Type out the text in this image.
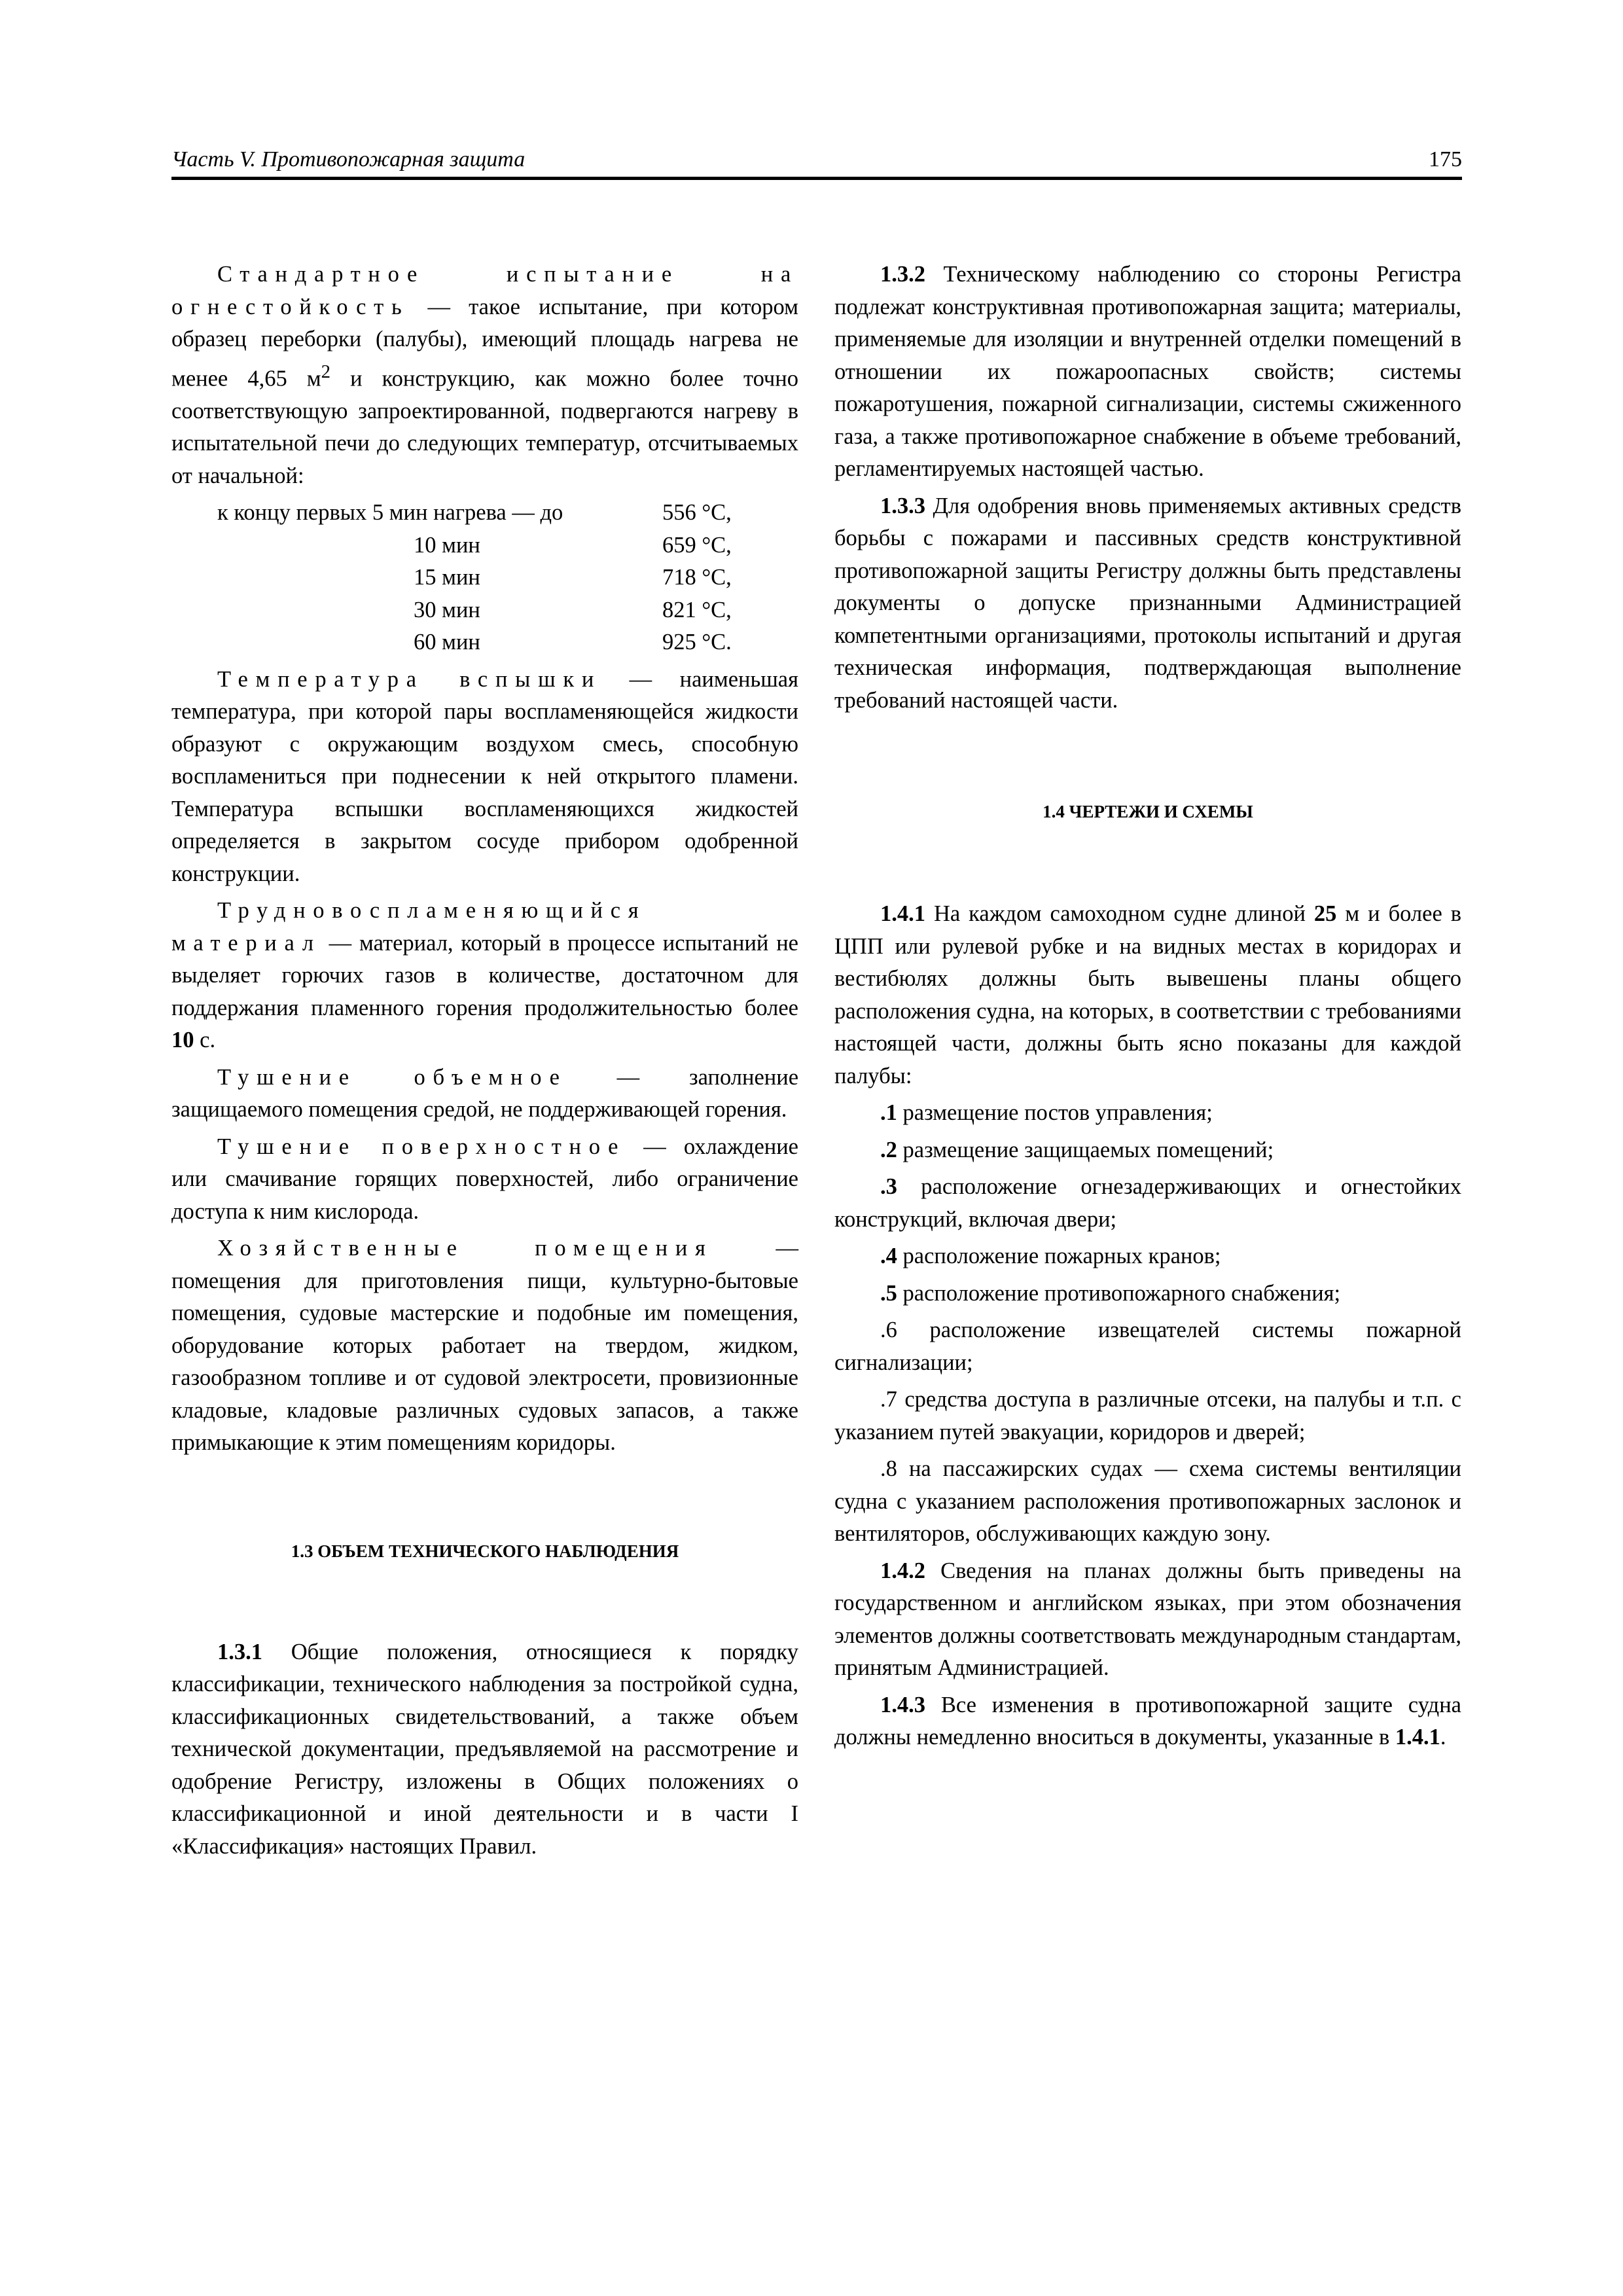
Часть V. Противопожарная защита	175

Стандартное испытание на огнестойкость — такое испытание, при котором образец переборки (палубы), имеющий площадь нагрева не менее 4,65 $м^2$ и конструкцию, как можно более точно соответствующую запроектированной, подвергаются нагреву в испытательной печи до следующих температур, отсчитываемых от начальной:

к концу первых 5 мин нагрева — до	556 °С,
10 мин	659 °С,
15 мин	718 °С,
30 мин	821 °С,
60 мин	925 °С.

Температура вспышки — наименьшая температура, при которой пары воспламеняющейся жидкости образуют с окружающим воздухом смесь, способную воспламениться при поднесении к ней открытого пламени. Температура вспышки воспламеняющихся жидкостей определяется в закрытом сосуде прибором одобренной конструкции.

Трудновоспламеняющийся материал — материал, который в процессе испытаний не выделяет горючих газов в количестве, достаточном для поддержания пламенного горения продолжительностью более 10 с.

Тушение объемное — заполнение защищаемого помещения средой, не поддерживающей горения.

Тушение поверхностное — охлаждение или смачивание горящих поверхностей, либо ограничение доступа к ним кислорода.

Хозяйственные помещения — помещения для приготовления пищи, культурно-бытовые помещения, судовые мастерские и подобные им помещения, оборудование которых работает на твердом, жидком, газообразном топливе и от судовой электросети, провизионные кладовые, кладовые различных судовых запасов, а также примыкающие к этим помещениям коридоры.

1.3 ОБЪЕМ ТЕХНИЧЕСКОГО НАБЛЮДЕНИЯ

1.3.1 Общие положения, относящиеся к порядку классификации, технического наблюдения за постройкой судна, классификационных свидетельствований, а также объем технической документации, предъявляемой на рассмотрение и одобрение Регистру, изложены в Общих положениях о классификационной и иной деятельности и в части I «Классификация» настоящих Правил.

1.3.2 Техническому наблюдению со стороны Регистра подлежат конструктивная противопожарная защита; материалы, применяемые для изоляции и внутренней отделки помещений в отношении их пожароопасных свойств; системы пожаротушения, пожарной сигнализации, системы сжиженного газа, а также противопожарное снабжение в объеме требований, регламентируемых настоящей частью.

1.3.3 Для одобрения вновь применяемых активных средств борьбы с пожарами и пассивных средств конструктивной противопожарной защиты Регистру должны быть представлены документы о допуске признанными Администрацией компетентными организациями, протоколы испытаний и другая техническая информация, подтверждающая выполнение требований настоящей части.

1.4 ЧЕРТЕЖИ И СХЕМЫ

1.4.1 На каждом самоходном судне длиной 25 м и более в ЦПП или рулевой рубке и на видных местах в коридорах и вестибюлях должны быть вывешены планы общего расположения судна, на которых, в соответствии с требованиями настоящей части, должны быть ясно показаны для каждой палубы:

.1 размещение постов управления;

.2 размещение защищаемых помещений;

.3 расположение огнезадерживающих и огнестойких конструкций, включая двери;

.4 расположение пожарных кранов;

.5 расположение противопожарного снабжения;

.6 расположение извещателей системы пожарной сигнализации;

.7 средства доступа в различные отсеки, на палубы и т.п. с указанием путей эвакуации, коридоров и дверей;

.8 на пассажирских судах — схема системы вентиляции судна с указанием расположения противопожарных заслонок и вентиляторов, обслуживающих каждую зону.

1.4.2 Сведения на планах должны быть приведены на государственном и английском языках, при этом обозначения элементов должны соответствовать международным стандартам, принятым Администрацией.

1.4.3 Все изменения в противопожарной защите судна должны немедленно вноситься в документы, указанные в 1.4.1.
